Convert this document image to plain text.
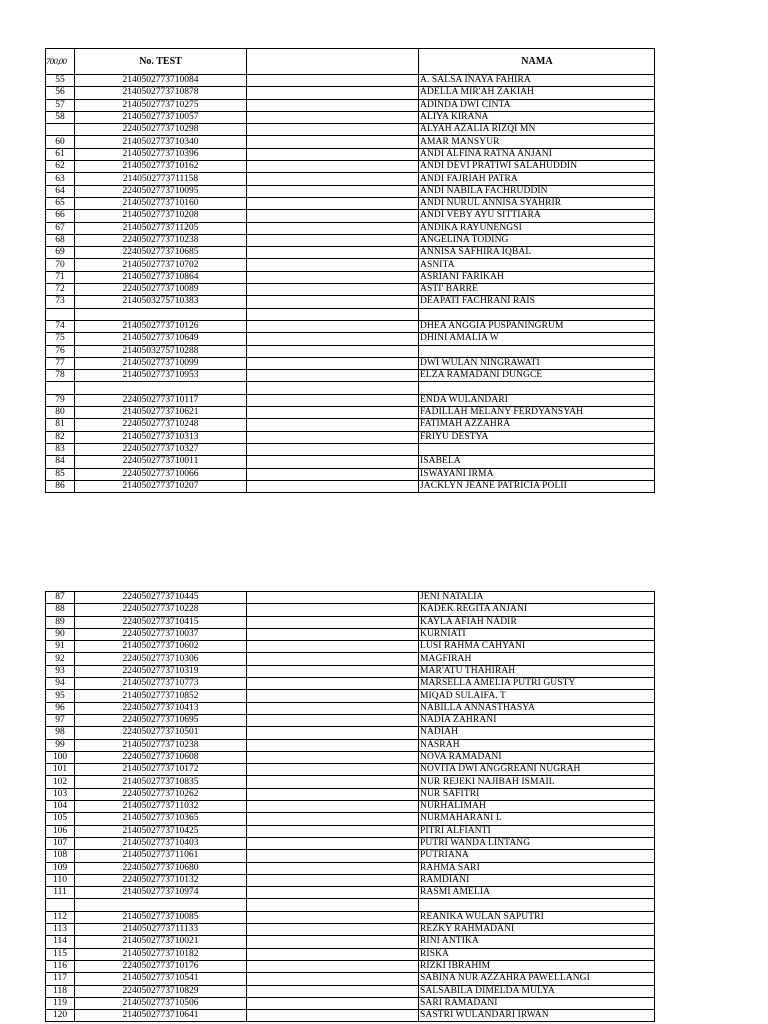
700,00	No. TEST		NAMA
55	2140502773710084		A. SALSA INAYA FAHIRA
56	2140502773710878		ADELLA MIR'AH ZAKIAH
57	2140502773710275		ADINDA DWI CINTA
58	2140502773710057		ALIYA KIRANA
	2240502773710298		ALYAH AZALIA RIZQI MN
60	2140502773710340		AMAR MANSYUR
61	2140502773710396		ANDI ALFINA RATNA ANJANI
62	2140502773710162		ANDI DEVI PRATIWI SALAHUDDIN
63	2140502773711158		ANDI FAJRIAH PATRA
64	2240502773710095		ANDI NABILA FACHRUDDIN
65	2140502773710160		ANDI NURUL ANNISA SYAHRIR
66	2140502773710208		ANDI VEBY AYU SITTIARA
67	2140502773711205		ANDIKA RAYUNENGSI
68	2240502773710238		ANGELINA TODING
69	2240502773710685		ANNISA SAFHIRA IQBAL
70	2140502773710702		ASNITA
71	2140502773710864		ASRIANI FARIKAH
72	2240502773710089		ASTI' BARRE
73	2140503275710383		DEAPATI FACHRANI RAIS

74	2140502773710126		DHEA ANGGIA PUSPANINGRUM
75	2140502773710649		DHINI AMALIA W
76	2140503275710288		
77	2140502773710099		DWI WULAN NINGRAWATI
78	2140502773710953		ELZA RAMADANI DUNGCE

79	2240502773710117		ENDA WULANDARI
80	2140502773710621		FADILLAH MELANY FERDYANSYAH
81	2240502773710248		FATIMAH AZZAHRA
82	2140502773710313		FRIYU DESTYA
83	2240502773710327		
84	2240502773710011		ISABELA
85	2240502773710066		ISWAYANI IRMA
86	2140502773710207		JACKLYN JEANE PATRICIA POLII
87	2240502773710445		JENI NATALIA
88	2240502773710228		KADEK REGITA ANJANI
89	2240502773710415		KAYLA AFIAH NADIR
90	2240502773710037		KURNIATI
91	2140502773710602		LUSI RAHMA CAHYANI
92	2240502773710306		MAGFIRAH
93	2240502773710319		MAR'ATU THAHIRAH
94	2140502773710773		MARSELLA AMELIA PUTRI GUSTY
95	2140502773710852		MIQAD SULAIFA. T
96	2240502773710413		NABILLA ANNASTHASYA
97	2240502773710695		NADIA ZAHRANI
98	2240502773710501		NADIAH
99	2140502773710238		NASRAH
100	2240502773710608		NOVA RAMADANI
101	2140502773710172		NOVITA DWI ANGGREANI NUGRAH
102	2140502773710835		NUR REJEKI NAJIBAH ISMAIL
103	2240502773710262		NUR SAFITRI
104	2140502773711032		NURHALIMAH
105	2140502773710365		NURMAHARANI L
106	2140502773710425		PITRI ALFIANTI
107	2140502773710403		PUTRI WANDA LINTANG
108	2140502773711061		PUTRIANA
109	2240502773710680		RAHMA SARI
110	2240502773710132		RAMDIANI
111	2140502773710974		RASMI AMELIA

112	2140502773710085		REANIKA WULAN SAPUTRI
113	2140502773711133		REZKY RAHMADANI
114	2140502773710021		RINI ANTIKA
115	2140502773710182		RISKA
116	2240502773710176		RIZKI IBRAHIM
117	2140502773710541		SABINA NUR AZZAHRA PAWELLANGI
118	2240502773710829		SALSABILA DIMELDA MULYA
119	2140502773710506		SARI RAMADANI
120	2140502773710641		SASTRI WULANDARI IRWAN
